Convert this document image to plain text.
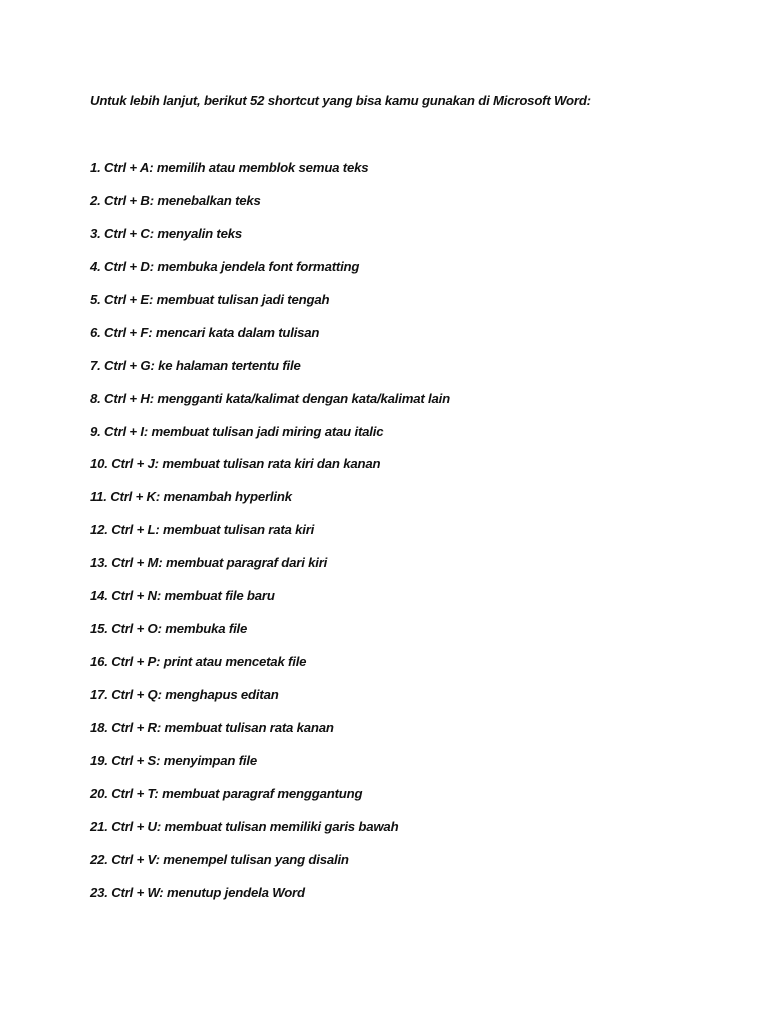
Untuk lebih lanjut, berikut 52 shortcut yang bisa kamu gunakan di Microsoft Word:
1. Ctrl + A: memilih atau memblok semua teks
2. Ctrl + B: menebalkan teks
3. Ctrl + C: menyalin teks
4. Ctrl + D: membuka jendela font formatting
5. Ctrl + E: membuat tulisan jadi tengah
6. Ctrl + F: mencari kata dalam tulisan
7. Ctrl + G: ke halaman tertentu file
8. Ctrl + H: mengganti kata/kalimat dengan kata/kalimat lain
9. Ctrl + I: membuat tulisan jadi miring atau italic
10. Ctrl + J: membuat tulisan rata kiri dan kanan
11. Ctrl + K: menambah hyperlink
12. Ctrl + L: membuat tulisan rata kiri
13. Ctrl + M: membuat paragraf dari kiri
14. Ctrl + N: membuat file baru
15. Ctrl + O: membuka file
16. Ctrl + P: print atau mencetak file
17. Ctrl + Q: menghapus editan
18. Ctrl + R: membuat tulisan rata kanan
19. Ctrl + S: menyimpan file
20. Ctrl + T: membuat paragraf menggantung
21. Ctrl + U: membuat tulisan memiliki garis bawah
22. Ctrl + V: menempel tulisan yang disalin
23. Ctrl + W: menutup jendela Word
